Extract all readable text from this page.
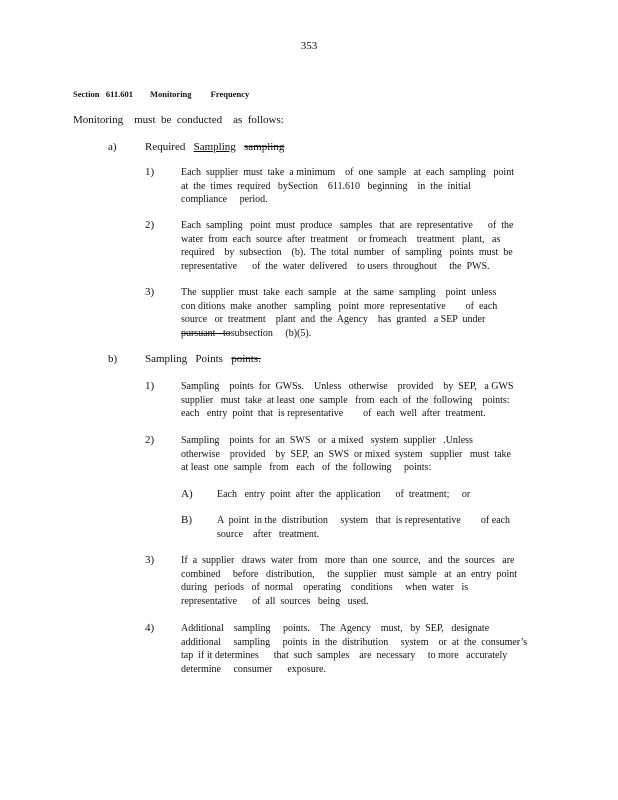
353
Section   611.601        Monitoring         Frequency
Monitoring    must  be  conducted    as  follows:
a)	Required Sampling sampling
1)	Each  supplier  must  take  a minimum    of  one  sample   at  each  sampling   point
at  the  times  required   bySection    611.610   beginning    in  the  initial
compliance     period.
2)	Each  sampling   point  must  produce   samples   that  are  representative      of  the
water  from  each  source  after  treatment    or fromeach    treatment   plant,   as
required    by  subsection    (b).  The  total  number   of  sampling   points  must  be
representative      of  the  water  delivered    to users  throughout     the  PWS.
3)	The  supplier  must  take  each  sample   at  the  same  sampling    point  unless
con ditions  make  another   sampling   point  more  representative        of  each
source   or  treatment    plant  and  the  Agency    has  granted   a SEP  under
pursuant   tosubsection     (b)(5).
b)	Sampling   Points points.
1)	Sampling    points  for  GWSs.    Unless   otherwise    provided    by  SEP,   a GWS
supplier   must  take  at least  one  sample   from  each  of  the  following    points:
each   entry  point  that  is representative        of  each  well  after  treatment.
2)	Sampling    points  for  an  SWS   or  a mixed   system  supplier   .Unless
otherwise    provided    by  SEP,  an  SWS  or mixed  system   supplier   must  take
at least  one  sample   from   each   of  the  following     points:
A) Each   entry  point  after  the  application      of  treatment;     or
B)	A  point  in the  distribution     system   that  is representative        of each
source    after   treatment.
3)	If  a  supplier   draws  water  from   more  than  one  source,   and  the  sources   are
combined     before   distribution,     the  supplier   must  sample   at  an  entry  point
during   periods   of  normal    operating    conditions     when  water   is
representative      of  all  sources   being   used.
4)	Additional    sampling     points.    The  Agency    must,   by  SEP,   designate
additional     sampling     points  in  the  distribution     system    or  at  the  consumer’s
tap  if it determines      that  such  samples    are  necessary     to more   accurately
determine     consumer      exposure.
